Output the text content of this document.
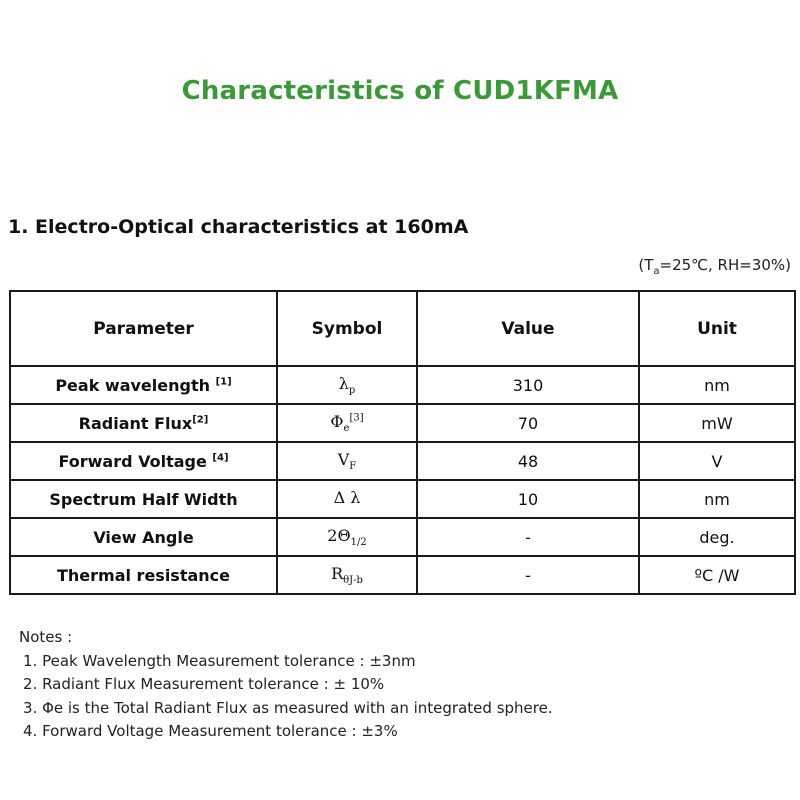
Characteristics of CUD1KFMA
1. Electro-Optical characteristics at 160mA
($T_a=25℃$, RH=30%)
Parameter	Symbol	Value	Unit
Peak wavelength [1]	$\lambda_p$	310	nm
Radiant Flux[2]	$\Phi_e[3]$	70	mW
Forward Voltage [4]	$V_F$	48	V
Spectrum Half Width	Δ λ	10	nm
View Angle	$2\Theta_{1/2}$	-	deg.
Thermal resistance	$R_{\theta J-b}$	-	ºC /W
Notes :
1. Peak Wavelength Measurement tolerance : ±3nm
2. Radiant Flux Measurement tolerance : ± 10%
3. Φe is the Total Radiant Flux as measured with an integrated sphere.
4. Forward Voltage Measurement tolerance : ±3%
